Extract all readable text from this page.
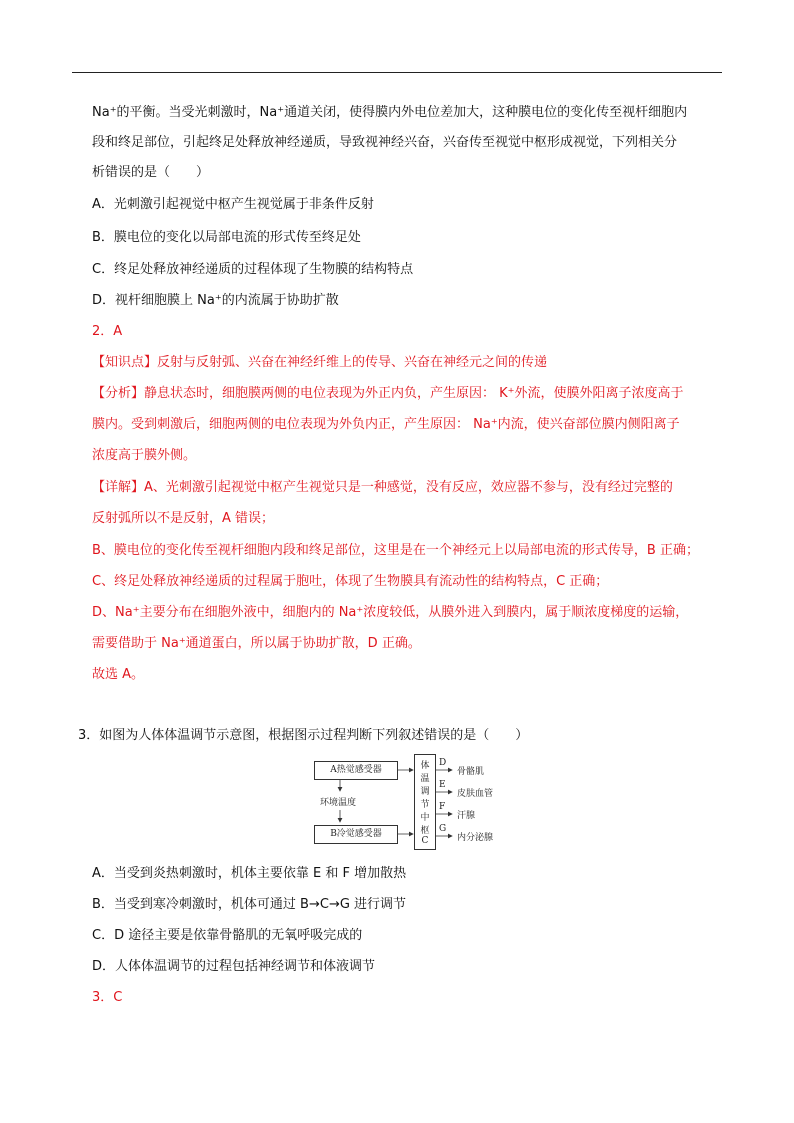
Na⁺的平衡。当受光刺激时，Na⁺通道关闭，使得膜内外电位差加大，这种膜电位的变化传至视杆细胞内
段和终足部位，引起终足处释放神经递质，导致视神经兴奋，兴奋传至视觉中枢形成视觉，下列相关分
析错误的是（　　）
A．光刺激引起视觉中枢产生视觉属于非条件反射
B．膜电位的变化以局部电流的形式传至终足处
C．终足处释放神经递质的过程体现了生物膜的结构特点
D．视杆细胞膜上 Na⁺的内流属于协助扩散
2．A
【知识点】反射与反射弧、兴奋在神经纤维上的传导、兴奋在神经元之间的传递
【分析】静息状态时，细胞膜两侧的电位表现为外正内负，产生原因： K⁺外流，使膜外阳离子浓度高于
膜内。受到刺激后，细胞两侧的电位表现为外负内正，产生原因： Na⁺内流，使兴奋部位膜内侧阳离子
浓度高于膜外侧。
【详解】A、光刺激引起视觉中枢产生视觉只是一种感觉，没有反应，效应器不参与，没有经过完整的
反射弧所以不是反射，A 错误；
B、膜电位的变化传至视杆细胞内段和终足部位，这里是在一个神经元上以局部电流的形式传导，B 正确；
C、终足处释放神经递质的过程属于胞吐，体现了生物膜具有流动性的结构特点，C 正确；
D、Na⁺主要分布在细胞外液中，细胞内的 Na⁺浓度较低，从膜外进入到膜内，属于顺浓度梯度的运输，
需要借助于 Na⁺通道蛋白，所以属于协助扩散，D 正确。
故选 A。
3．如图为人体体温调节示意图，根据图示过程判断下列叙述错误的是（　　）
A热觉感受器
环境温度
B冷觉感受器
体
温
调
节
中
枢
C
D
骨骼肌
E
皮肤血管
F
汗腺
G
内分泌腺
A．当受到炎热刺激时，机体主要依靠 E 和 F 增加散热
B．当受到寒冷刺激时，机体可通过 B→C→G 进行调节
C．D 途径主要是依靠骨骼肌的无氧呼吸完成的
D．人体体温调节的过程包括神经调节和体液调节
3．C
